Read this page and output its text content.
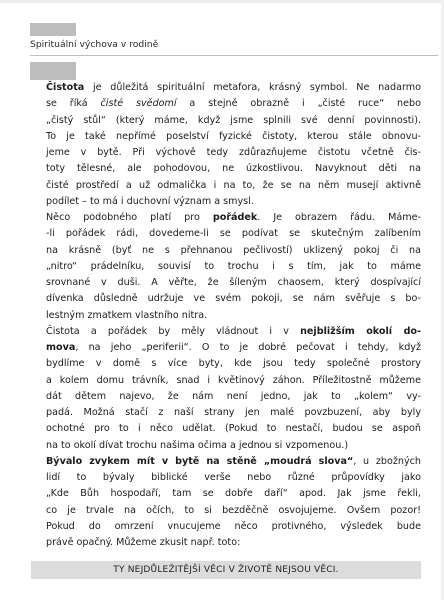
Spirituální výchova v rodině

Čistota je důležitá spirituální metafora, krásný symbol. Ne nadarmo
se říká čisté svědomí a stejně obrazně i „čisté ruce“ nebo
„čistý stůl“ (který máme, když jsme splnili své denní povinnosti).
To je také nepřímé poselství fyzické čistoty, kterou stále obnovu-
jeme v bytě. Při výchově tedy zdůrazňujeme čistotu včetně čis-
toty tělesné, ale pohodovou, ne úzkostlivou. Navyknout děti na
čisté prostředí a už odmalička i na to, že se na něm musejí aktivně
podílet – to má i duchovní význam a smysl.

Něco podobného platí pro pořádek. Je obrazem řádu. Máme-
-li pořádek rádi, dovedeme-li se podívat se skutečným zalíbením
na krásně (byť ne s přehnanou pečlivostí) uklizený pokoj či na
„nitro“ prádelníku, souvisí to trochu i s tím, jak to máme
srovnané v duši. A věřte, že šíleným chaosem, který dospívající
dívenka důsledně udržuje ve svém pokoji, se nám svěřuje s bo-
lestným zmatkem vlastního nitra.

Čistota a pořádek by měly vládnout i v nejbližším okolí do-
mova, na jeho „periferii“. O to je dobré pečovat i tehdy, když
bydlíme v domě s více byty, kde jsou tedy společné prostory
a kolem domu trávník, snad i květinový záhon. Příležitostně můžeme
dát dětem najevo, že nám není jedno, jak to „kolem“ vy-
padá. Možná stačí z naší strany jen malé povzbuzení, aby byly
ochotné pro to i něco udělat. (Pokud to nestačí, budou se aspoň
na to okolí dívat trochu našima očima a jednou si vzpomenou.)

Bývalo zvykem mít v bytě na stěně „moudrá slova“, u zbožných
lidí to bývaly biblické verše nebo různé průpovídky jako
„Kde Bůh hospodaří, tam se dobře daří“ apod. Jak jsme řekli,
co je trvale na očích, to si bezděčně osvojujeme. Ovšem pozor!
Pokud do omrzení vnucujeme něco protivného, výsledek bude
právě opačný. Můžeme zkusit např. toto:

TY NEJDŮLEŽITĚJŠÍ VĚCI V ŽIVOTĚ NEJSOU VĚCI.
